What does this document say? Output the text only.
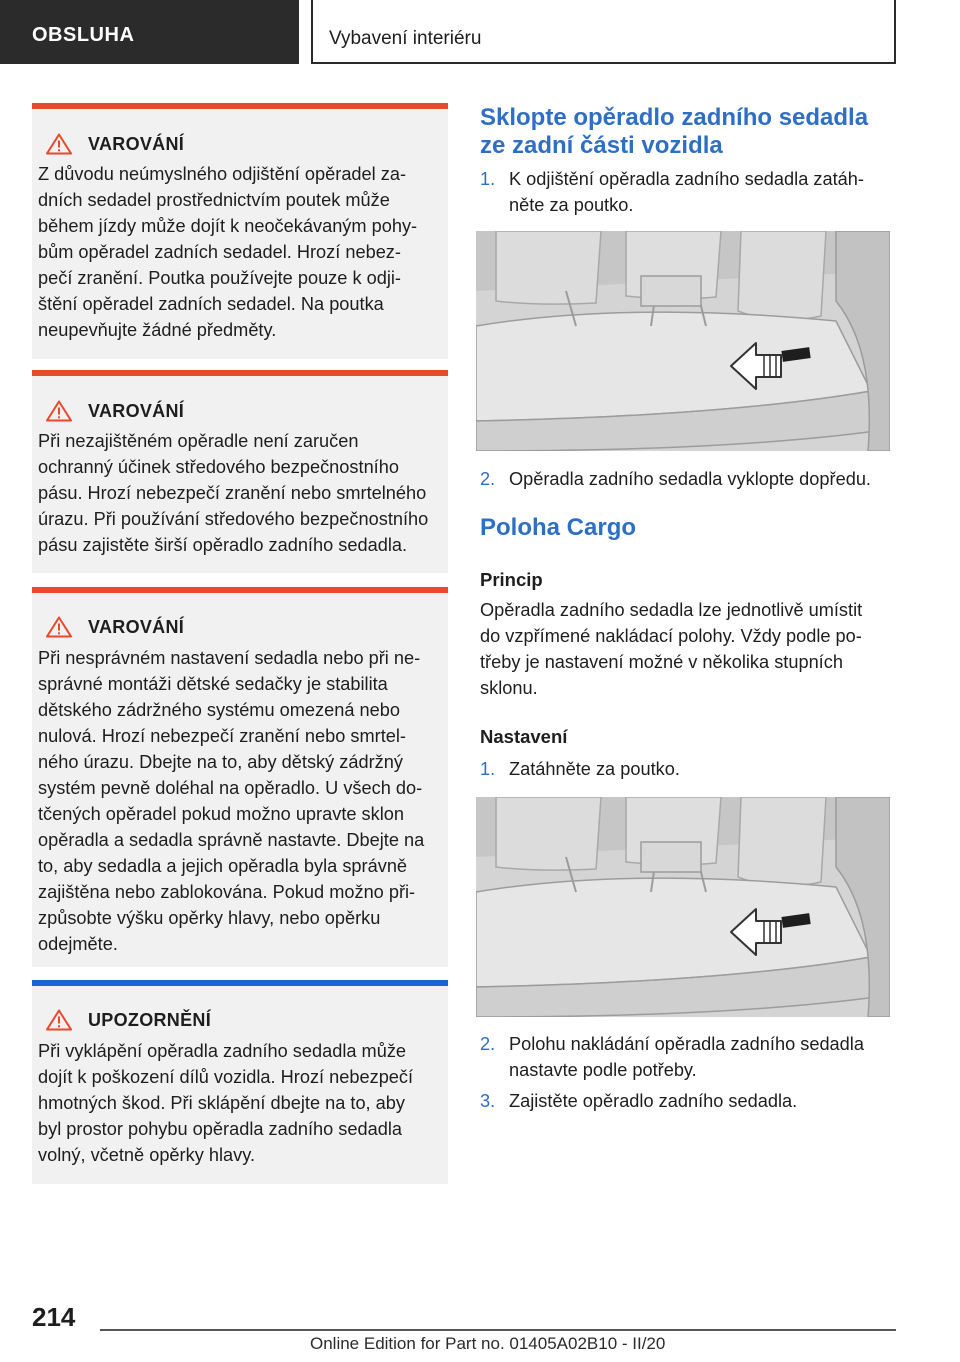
OBSLUHA	Vybavení interiéru
VAROVÁNÍ
Z důvodu neúmyslného odjištění opěradel za-
dních sedadel prostřednictvím poutek může
během jízdy může dojít k neočekávaným pohy-
bům opěradel zadních sedadel. Hrozí nebez-
pečí zranění. Poutka používejte pouze k odji-
štění opěradel zadních sedadel. Na poutka
neupevňujte žádné předměty.
VAROVÁNÍ
Při nezajištěném opěradle není zaručen
ochranný účinek středového bezpečnostního
pásu. Hrozí nebezpečí zranění nebo smrtelného
úrazu. Při používání středového bezpečnostního
pásu zajistěte širší opěradlo zadního sedadla.
VAROVÁNÍ
Při nesprávném nastavení sedadla nebo při ne-
správné montáži dětské sedačky je stabilita
dětského zádržného systému omezená nebo
nulová. Hrozí nebezpečí zranění nebo smrtel-
ného úrazu. Dbejte na to, aby dětský zádržný
systém pevně doléhal na opěradlo. U všech do-
tčených opěradel pokud možno upravte sklon
opěradla a sedadla správně nastavte. Dbejte na
to, aby sedadla a jejich opěradla byla správně
zajištěna nebo zablokována. Pokud možno při-
způsobte výšku opěrky hlavy, nebo opěrku
odejměte.
UPOZORNĚNÍ
Při vyklápění opěradla zadního sedadla může
dojít k poškození dílů vozidla. Hrozí nebezpečí
hmotných škod. Při sklápění dbejte na to, aby
byl prostor pohybu opěradla zadního sedadla
volný, včetně opěrky hlavy.
Sklopte opěradlo zadního sedadla
ze zadní části vozidla
1. K odjištění opěradla zadního sedadla zatáh-
něte za poutko.
2. Opěradla zadního sedadla vyklopte dopředu.
Poloha Cargo
Princip
Opěradla zadního sedadla lze jednotlivě umístit
do vzpřímené nakládací polohy. Vždy podle po-
třeby je nastavení možné v několika stupních
sklonu.
Nastavení
1. Zatáhněte za poutko.
2. Polohu nakládání opěradla zadního sedadla
nastavte podle potřeby.
3. Zajistěte opěradlo zadního sedadla.
214
Online Edition for Part no. 01405A02B10 - II/20
